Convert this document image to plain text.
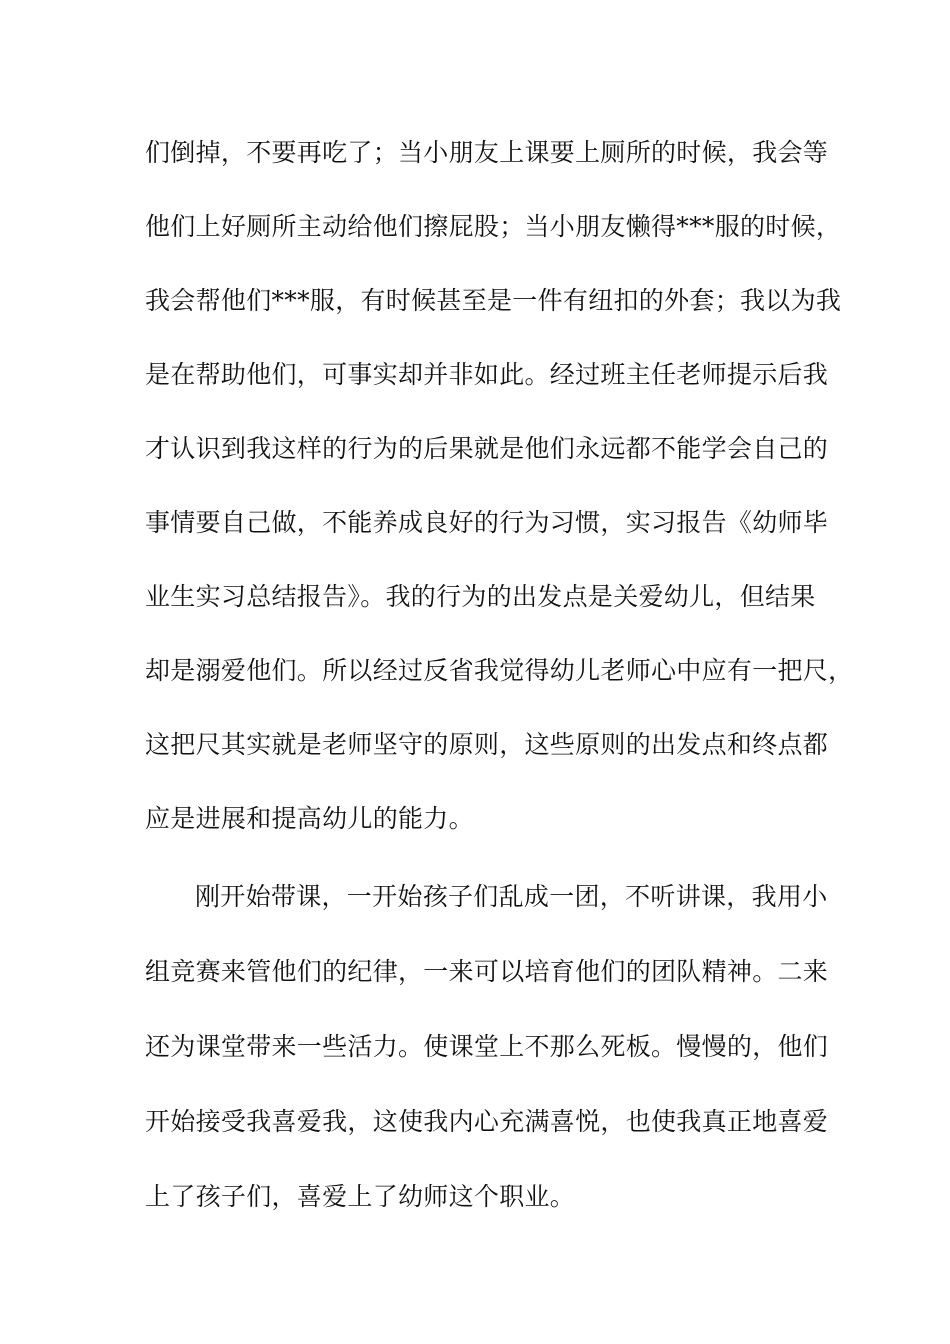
们倒掉，不要再吃了；当小朋友上课要上厕所的时候，我会等
他们上好厕所主动给他们擦屁股；当小朋友懒得***服的时候，
我会帮他们***服，有时候甚至是一件有纽扣的外套；我以为我
是在帮助他们，可事实却并非如此。经过班主任老师提示后我
才认识到我这样的行为的后果就是他们永远都不能学会自己的
事情要自己做，不能养成良好的行为习惯，实习报告《幼师毕
业生实习总结报告》。我的行为的出发点是关爱幼儿，但结果
却是溺爱他们。所以经过反省我觉得幼儿老师心中应有一把尺，
这把尺其实就是老师坚守的原则，这些原则的出发点和终点都
应是进展和提高幼儿的能力。
刚开始带课，一开始孩子们乱成一团，不听讲课，我用小
组竞赛来管他们的纪律，一来可以培育他们的团队精神。二来
还为课堂带来一些活力。使课堂上不那么死板。慢慢的，他们
开始接受我喜爱我，这使我内心充满喜悦，也使我真正地喜爱
上了孩子们，喜爱上了幼师这个职业。
